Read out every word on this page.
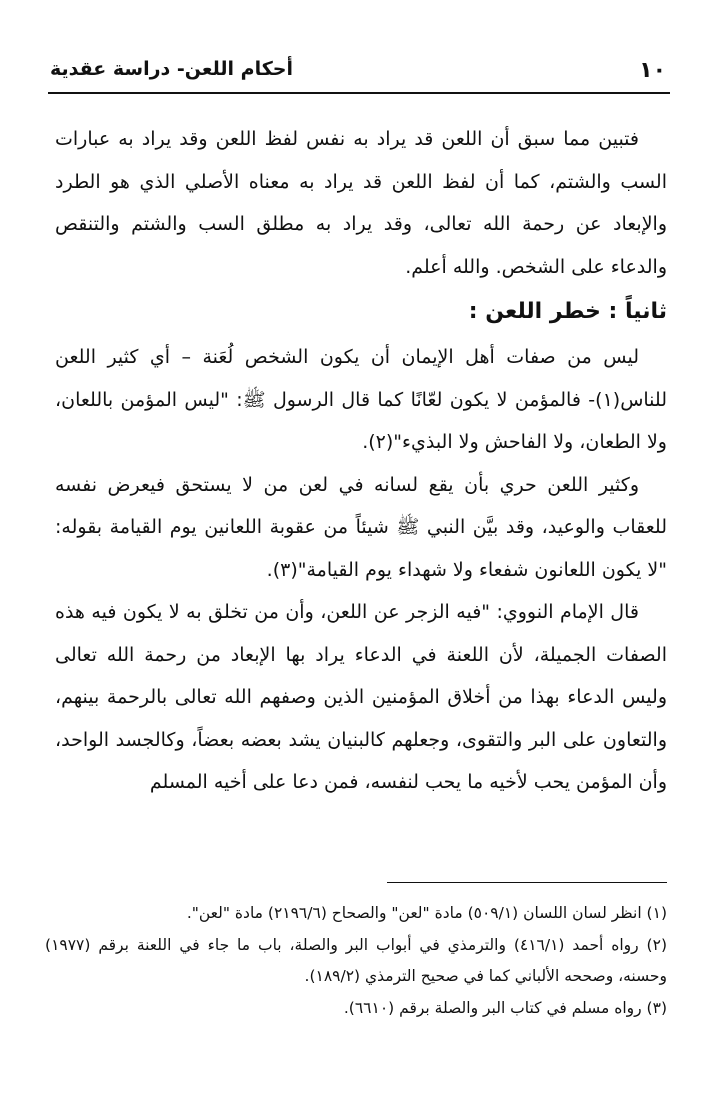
أحكام اللعن- دراسة عقدية	١٠

فتبين مما سبق أن اللعن قد يراد به نفس لفظ اللعن وقد يراد به عبارات السب والشتم، كما أن لفظ اللعن قد يراد به معناه الأصلي الذي هو الطرد والإبعاد عن رحمة الله تعالى، وقد يراد به مطلق السب والشتم والتنقص والدعاء على الشخص. والله أعلم.

ثانياً : خطر اللعن :

ليس من صفات أهل الإيمان أن يكون الشخص لُعَنة – أي كثير اللعن للناس(١)- فالمؤمن لا يكون لعّانًا كما قال الرسول ﷺ: "ليس المؤمن باللعان، ولا الطعان، ولا الفاحش ولا البذيء"(٢).

وكثير اللعن حري بأن يقع لسانه في لعن من لا يستحق فيعرض نفسه للعقاب والوعيد، وقد بيَّن النبي ﷺ شيئاً من عقوبة اللعانين يوم القيامة بقوله: "لا يكون اللعانون شفعاء ولا شهداء يوم القيامة"(٣).

قال الإمام النووي: "فيه الزجر عن اللعن، وأن من تخلق به لا يكون فيه هذه الصفات الجميلة، لأن اللعنة في الدعاء يراد بها الإبعاد من رحمة الله تعالى وليس الدعاء بهذا من أخلاق المؤمنين الذين وصفهم الله تعالى بالرحمة بينهم، والتعاون على البر والتقوى، وجعلهم كالبنيان يشد بعضه بعضاً، وكالجسد الواحد، وأن المؤمن يحب لأخيه ما يحب لنفسه، فمن دعا على أخيه المسلم

(١) انظر لسان اللسان (٥٠٩/١) مادة "لعن" والصحاح (٢١٩٦/٦) مادة "لعن".

(٢) رواه أحمد (٤١٦/١) والترمذي في أبواب البر والصلة، باب ما جاء في اللعنة برقم (١٩٧٧) وحسنه، وصححه الألباني كما في صحيح الترمذي (١٨٩/٢).

(٣) رواه مسلم في كتاب البر والصلة برقم (٦٦١٠).
